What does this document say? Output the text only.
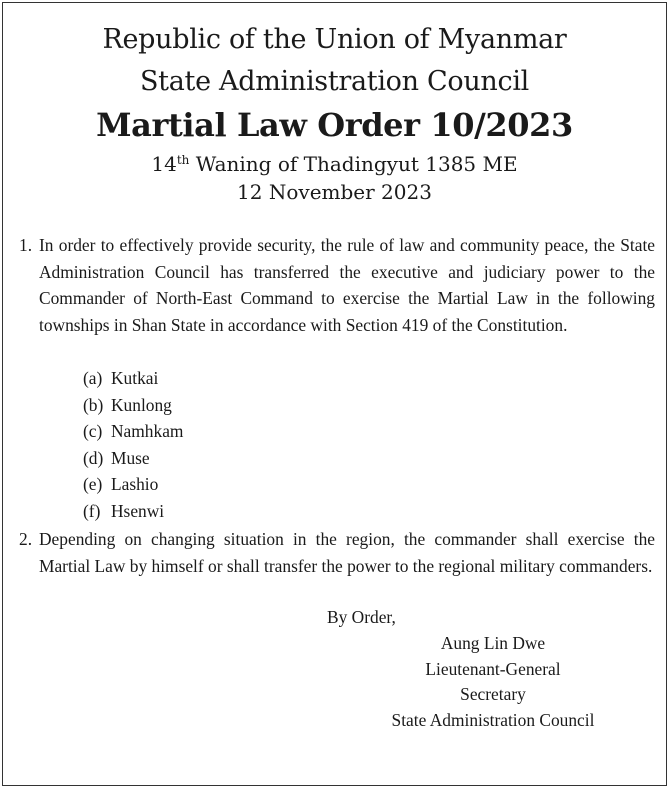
Republic of the Union of Myanmar
State Administration Council
Martial Law Order 10/2023
14th Waning of Thadingyut 1385 ME
12 November 2023
1. In order to effectively provide security, the rule of law and community peace, the State Administration Council has transferred the executive and judiciary power to the Commander of North-East Command to exercise the Martial Law in the following townships in Shan State in accordance with Section 419 of the Constitution.
(a) Kutkai
(b) Kunlong
(c) Namhkam
(d) Muse
(e) Lashio
(f) Hsenwi
2. Depending on changing situation in the region, the commander shall exercise the Martial Law by himself or shall transfer the power to the regional military commanders.
By Order,
Aung Lin Dwe
Lieutenant-General
Secretary
State Administration Council
